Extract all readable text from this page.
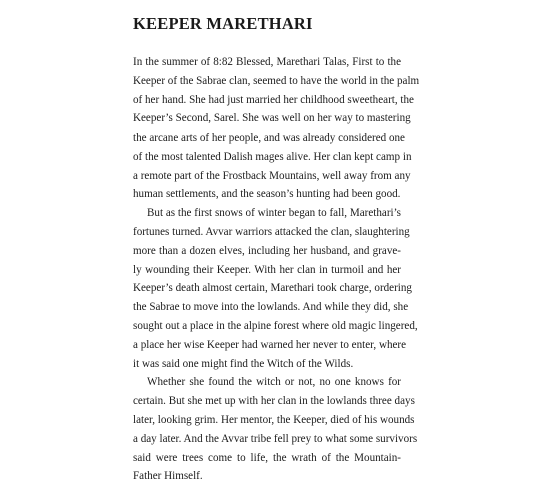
KEEPER MARETHARI
In the summer of 8:82 Blessed, Marethari Talas, First to the
Keeper of the Sabrae clan, seemed to have the world in the palm
of her hand. She had just married her childhood sweetheart, the
Keeper’s Second, Sarel. She was well on her way to mastering
the arcane arts of her people, and was already considered one
of the most talented Dalish mages alive. Her clan kept camp in
a remote part of the Frostback Mountains, well away from any
human settlements, and the season’s hunting had been good.
But as the first snows of winter began to fall, Marethari’s
fortunes turned. Avvar warriors attacked the clan, slaughtering
more than a dozen elves, including her husband, and grave-
ly wounding their Keeper. With her clan in turmoil and her
Keeper’s death almost certain, Marethari took charge, ordering
the Sabrae to move into the lowlands. And while they did, she
sought out a place in the alpine forest where old magic lingered,
a place her wise Keeper had warned her never to enter, where
it was said one might find the Witch of the Wilds.
Whether she found the witch or not, no one knows for
certain. But she met up with her clan in the lowlands three days
later, looking grim. Her mentor, the Keeper, died of his wounds
a day later. And the Avvar tribe fell prey to what some survivors
said were trees come to life, the wrath of the Mountain-
Father Himself.
